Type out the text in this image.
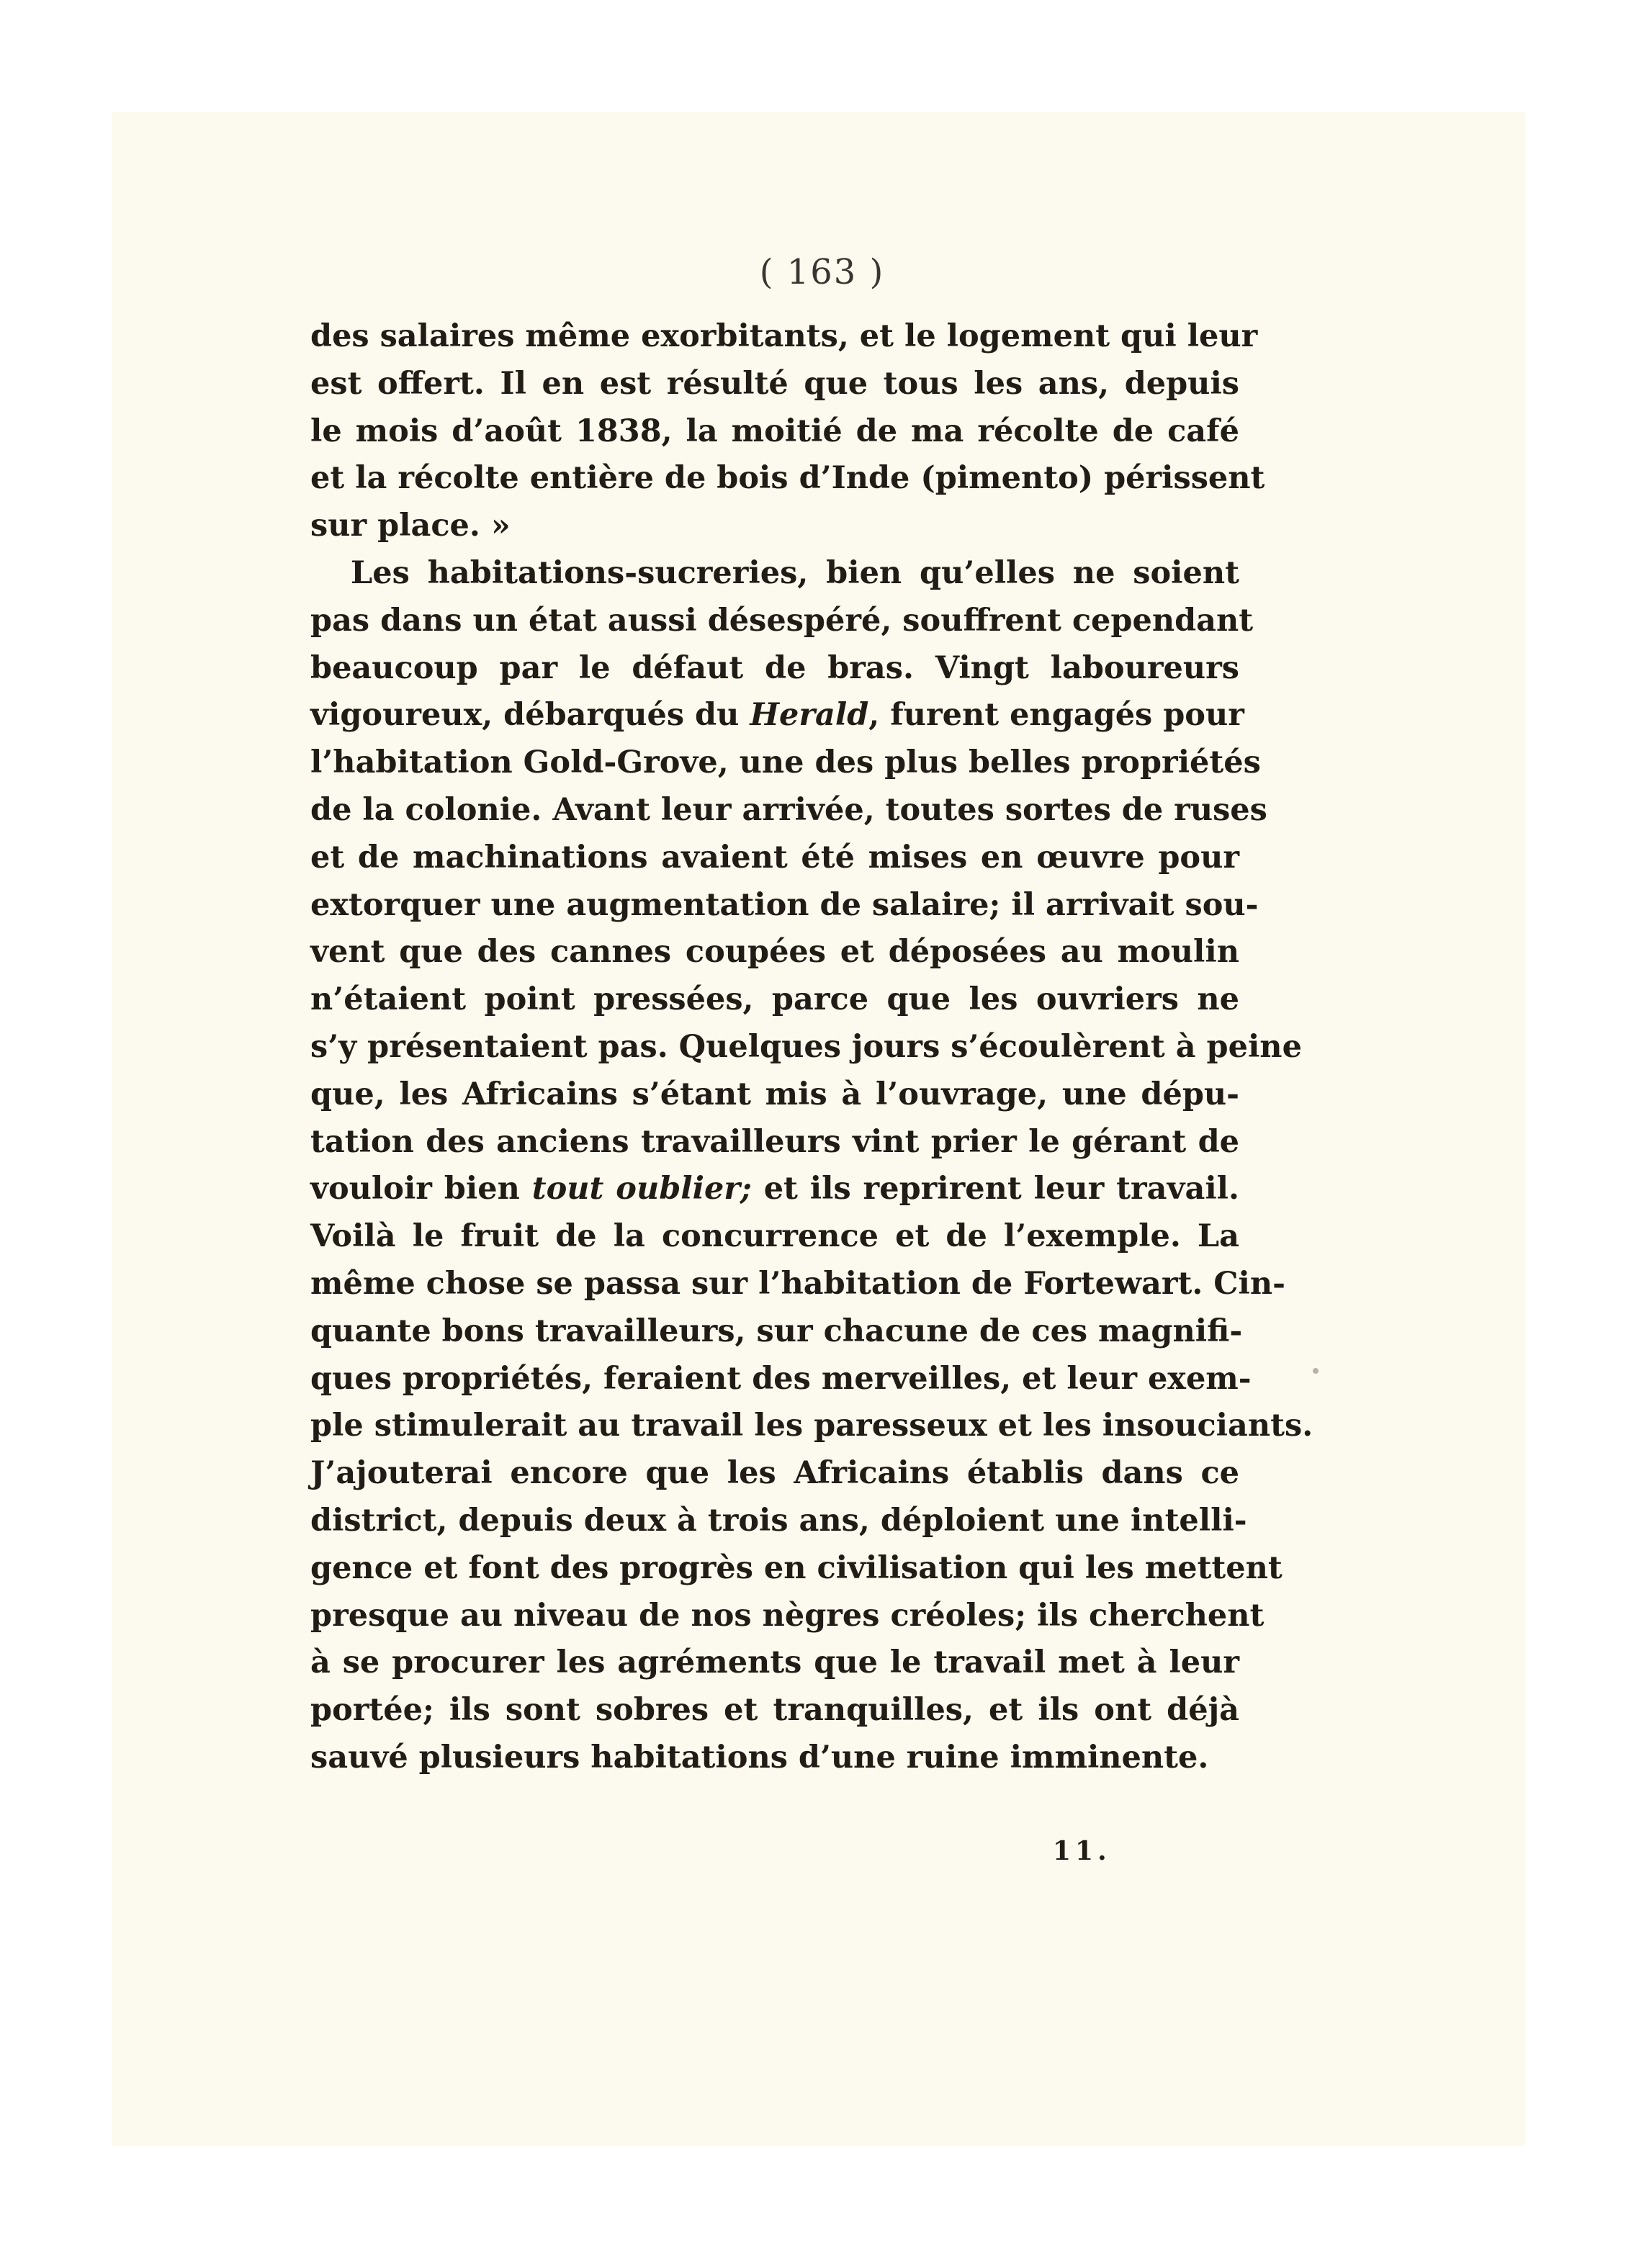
( 163 )
des salaires même exorbitants, et le logement qui leur
est offert. Il en est résulté que tous les ans, depuis
le mois d’août 1838, la moitié de ma récolte de café
et la récolte entière de bois d’Inde (pimento) périssent
sur place. »
Les habitations-sucreries, bien qu’elles ne soient
pas dans un état aussi désespéré, souffrent cependant
beaucoup par le défaut de bras. Vingt laboureurs
vigoureux, débarqués du Herald, furent engagés pour
l’habitation Gold-Grove, une des plus belles propriétés
de la colonie. Avant leur arrivée, toutes sortes de ruses
et de machinations avaient été mises en œuvre pour
extorquer une augmentation de salaire; il arrivait sou-
vent que des cannes coupées et déposées au moulin
n’étaient point pressées, parce que les ouvriers ne
s’y présentaient pas. Quelques jours s’écoulèrent à peine
que, les Africains s’étant mis à l’ouvrage, une dépu-
tation des anciens travailleurs vint prier le gérant de
vouloir bien tout oublier; et ils reprirent leur travail.
Voilà le fruit de la concurrence et de l’exemple. La
même chose se passa sur l’habitation de Fortewart. Cin-
quante bons travailleurs, sur chacune de ces magnifi-
ques propriétés, feraient des merveilles, et leur exem-
ple stimulerait au travail les paresseux et les insouciants.
J’ajouterai encore que les Africains établis dans ce
district, depuis deux à trois ans, déploient une intelli-
gence et font des progrès en civilisation qui les mettent
presque au niveau de nos nègres créoles; ils cherchent
à se procurer les agréments que le travail met à leur
portée; ils sont sobres et tranquilles, et ils ont déjà
sauvé plusieurs habitations d’une ruine imminente.
11.
